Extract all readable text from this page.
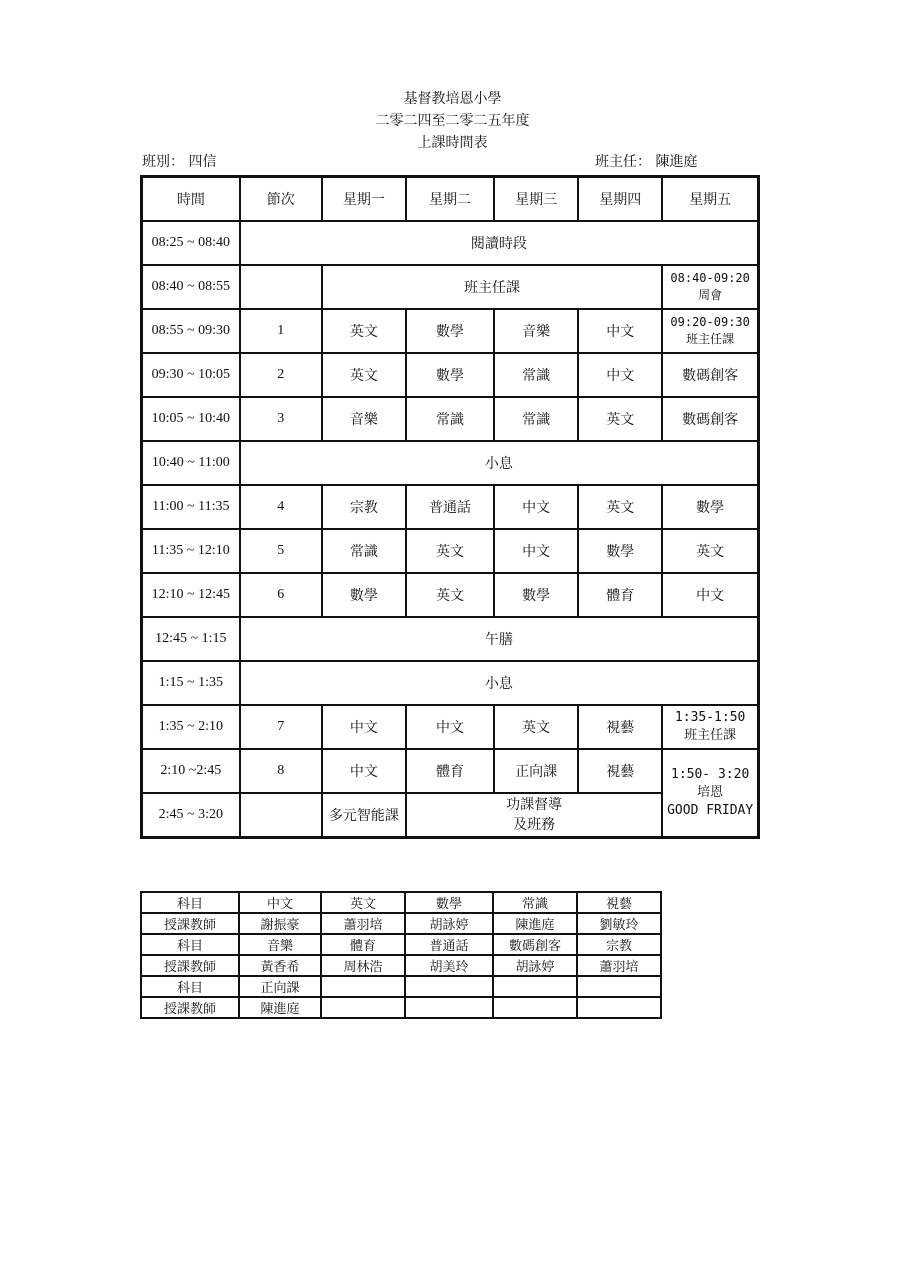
基督教培恩小學
二零二四至二零二五年度
上課時間表
班別： 四信	班主任： 陳進庭
時間	節次	星期一	星期二	星期三	星期四	星期五
08:25 ~ 08:40	閱讀時段					
08:40 ~ 08:55		班主任課				08:40-09:20
周會
08:55 ~ 09:30	1	英文	數學	音樂	中文	09:20-09:30
班主任課
09:30 ~ 10:05	2	英文	數學	常識	中文	數碼創客
10:05 ~ 10:40	3	音樂	常識	常識	英文	數碼創客
10:40 ~ 11:00	小息					
11:00 ~ 11:35	4	宗教	普通話	中文	英文	數學
11:35 ~ 12:10	5	常識	英文	中文	數學	英文
12:10 ~ 12:45	6	數學	英文	數學	體育	中文
12:45 ~ 1:15	午膳					
1:15 ~ 1:35	小息					
1:35 ~ 2:10	7	中文	中文	英文	視藝	1:35-1:50
班主任課
2:10 ~2:45	8	中文	體育	正向課	視藝	1:50- 3:20
培恩
GOOD FRIDAY
2:45 ~ 3:20		多元智能課	功課督導
及班務			
科目	中文	英文	數學	常識	視藝
授課教師	謝振豪	蕭羽培	胡詠婷	陳進庭	劉敏玲
科目	音樂	體育	普通話	數碼創客	宗教
授課教師	黃香希	周林浩	胡美玲	胡詠婷	蕭羽培
科目	正向課				
授課教師	陳進庭				
